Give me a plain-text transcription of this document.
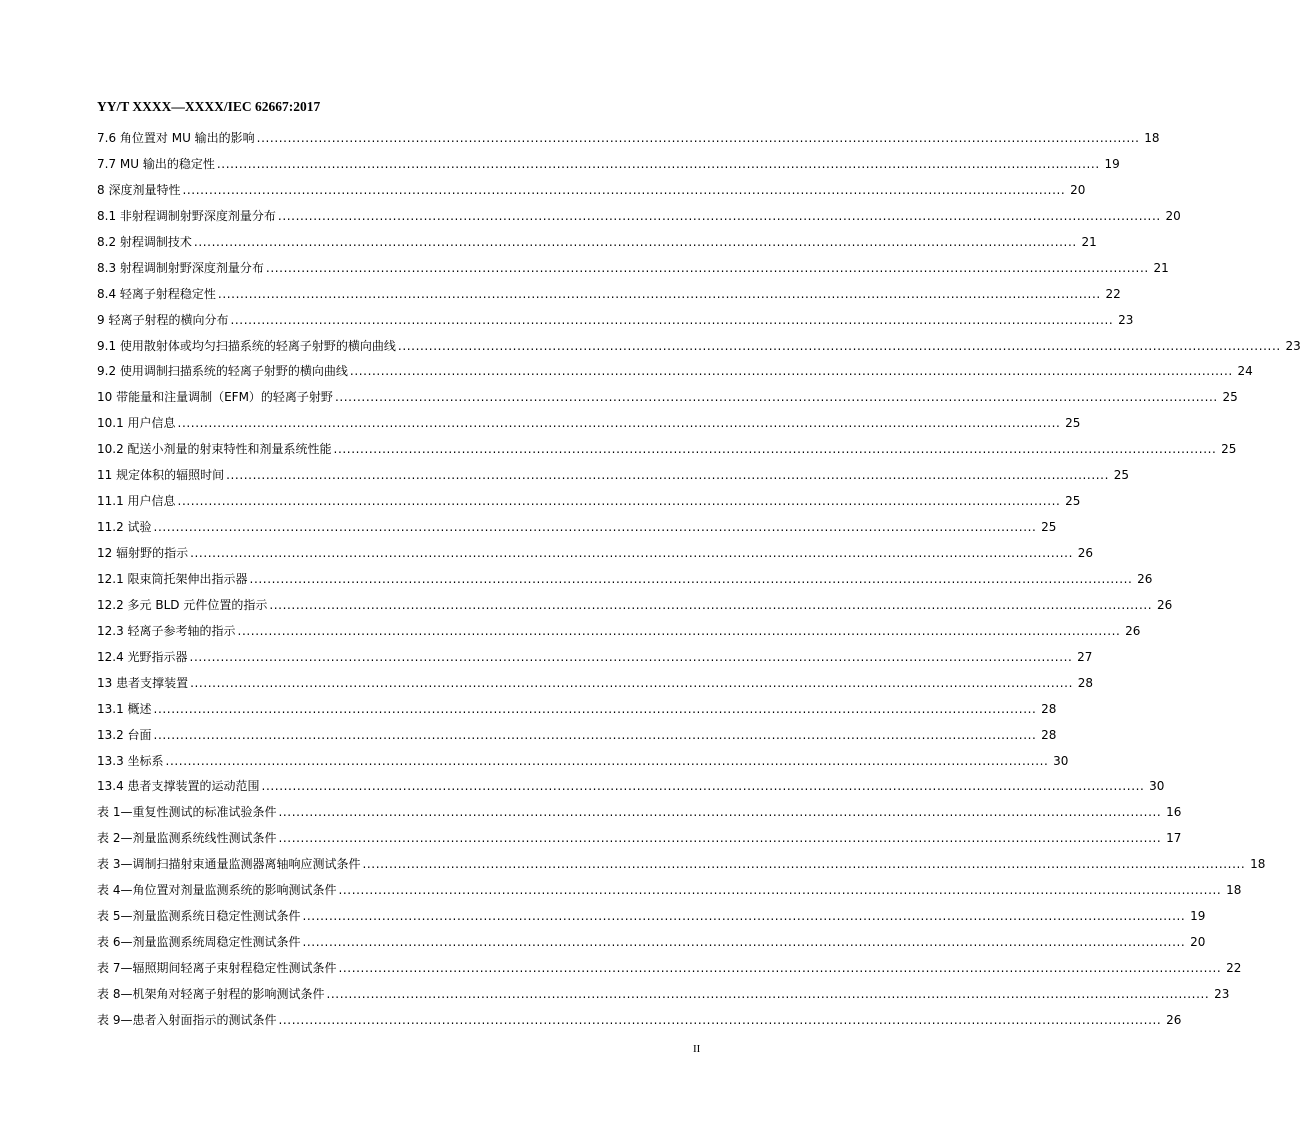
YY/T XXXX—XXXX/IEC 62667:2017
7.6 角位置对 MU 输出的影响 ........................................................................................................................................................................................................ 18
7.7 MU 输出的稳定性 ........................................................................................................................................................................................................ 19
8 深度剂量特性 ........................................................................................................................................................................................................ 20
8.1 非射程调制射野深度剂量分布 ........................................................................................................................................................................................................ 20
8.2 射程调制技术 ........................................................................................................................................................................................................ 21
8.3 射程调制射野深度剂量分布 ........................................................................................................................................................................................................ 21
8.4 轻离子射程稳定性 ........................................................................................................................................................................................................ 22
9 轻离子射程的横向分布 ........................................................................................................................................................................................................ 23
9.1 使用散射体或均匀扫描系统的轻离子射野的横向曲线 ........................................................................................................................................................................................................ 23
9.2 使用调制扫描系统的轻离子射野的横向曲线 ........................................................................................................................................................................................................ 24
10 带能量和注量调制（EFM）的轻离子射野 ........................................................................................................................................................................................................ 25
10.1 用户信息 ........................................................................................................................................................................................................ 25
10.2 配送小剂量的射束特性和剂量系统性能 ........................................................................................................................................................................................................ 25
11 规定体积的辐照时间 ........................................................................................................................................................................................................ 25
11.1 用户信息 ........................................................................................................................................................................................................ 25
11.2 试验 ........................................................................................................................................................................................................ 25
12 辐射野的指示 ........................................................................................................................................................................................................ 26
12.1 限束筒托架伸出指示器 ........................................................................................................................................................................................................ 26
12.2 多元 BLD 元件位置的指示 ........................................................................................................................................................................................................ 26
12.3 轻离子参考轴的指示 ........................................................................................................................................................................................................ 26
12.4 光野指示器 ........................................................................................................................................................................................................ 27
13 患者支撑装置 ........................................................................................................................................................................................................ 28
13.1 概述 ........................................................................................................................................................................................................ 28
13.2 台面 ........................................................................................................................................................................................................ 28
13.3 坐标系 ........................................................................................................................................................................................................ 30
13.4 患者支撑装置的运动范围 ........................................................................................................................................................................................................ 30
表 1—重复性测试的标准试验条件 ........................................................................................................................................................................................................ 16
表 2—剂量监测系统线性测试条件 ........................................................................................................................................................................................................ 17
表 3—调制扫描射束通量监测器离轴响应测试条件 ........................................................................................................................................................................................................ 18
表 4—角位置对剂量监测系统的影响测试条件 ........................................................................................................................................................................................................ 18
表 5—剂量监测系统日稳定性测试条件 ........................................................................................................................................................................................................ 19
表 6—剂量监测系统周稳定性测试条件 ........................................................................................................................................................................................................ 20
表 7—辐照期间轻离子束射程稳定性测试条件 ........................................................................................................................................................................................................ 22
表 8—机架角对轻离子射程的影响测试条件 ........................................................................................................................................................................................................ 23
表 9—患者入射面指示的测试条件 ........................................................................................................................................................................................................ 26
II
